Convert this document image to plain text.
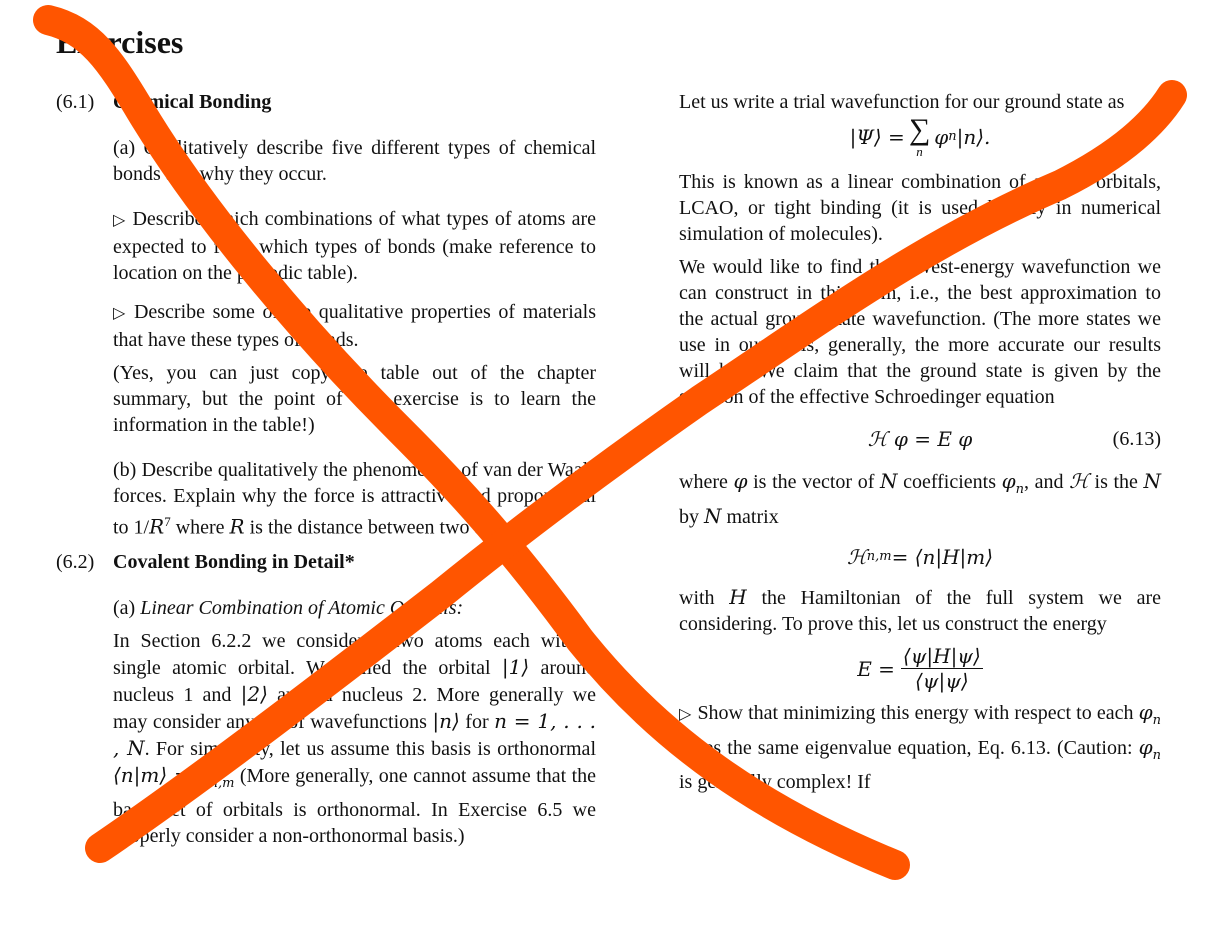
Exercises
(6.1) Chemical Bonding

(a) Qualitatively describe five different types of chemical bonds and why they occur.

▷ Describe which combinations of what types of atoms are expected to form which types of bonds (make reference to location on the periodic table).

▷ Describe some of the qualitative properties of materials that have these types of bonds.

(Yes, you can just copy the table out of the chapter summary, but the point of this exercise is to learn the information in the table!)

(b) Describe qualitatively the phenomenon of van der Waals forces. Explain why the force is attractive and proportional to $1/R^7$ where R is the distance between two atoms.

(6.2) Covalent Bonding in Detail*

(a) Linear Combination of Atomic Orbitals:

In Section 6.2.2 we considered two atoms each with a single atomic orbital. We called the orbital |1⟩ around nucleus 1 and |2⟩ around nucleus 2. More generally we may consider any set of wavefunctions |n⟩ for n = 1, . . . , N. For simplicity, let us assume this basis is orthonormal ⟨n|m⟩ = $\delta_{n,m}$ (More generally, one cannot assume that the basis set of orbitals is orthonormal. In Exercise 6.5 we properly consider a non-orthonormal basis.)

Let us write a trial wavefunction for our ground state as

|Ψ⟩ = ∑
n
φ n |n⟩.

This is known as a linear combination of atomic orbitals, LCAO, or tight binding (it is used heavily in numerical simulation of molecules).

We would like to find the lowest-energy wavefunction we can construct in this form, i.e., the best approximation to the actual ground-state wavefunction. (The more states we use in our basis, generally, the more accurate our results will be.) We claim that the ground state is given by the solution of the effective Schroedinger equation

ℋ φ = E φ	(6.13)

where φ is the vector of N coefficients $\varphi_n$, and ℋ is the N by N matrix

ℋ n,m = ⟨n|H|m⟩

with H the Hamiltonian of the full system we are considering. To prove this, let us construct the energy

$E = \frac{⟨\psi|H|\psi⟩}{⟨\psi|\psi⟩}$

▷ Show that minimizing this energy with respect to each $\varphi_n$ gives the same eigenvalue equation, Eq. 6.13. (Caution: $\varphi_n$ is generally complex! If
